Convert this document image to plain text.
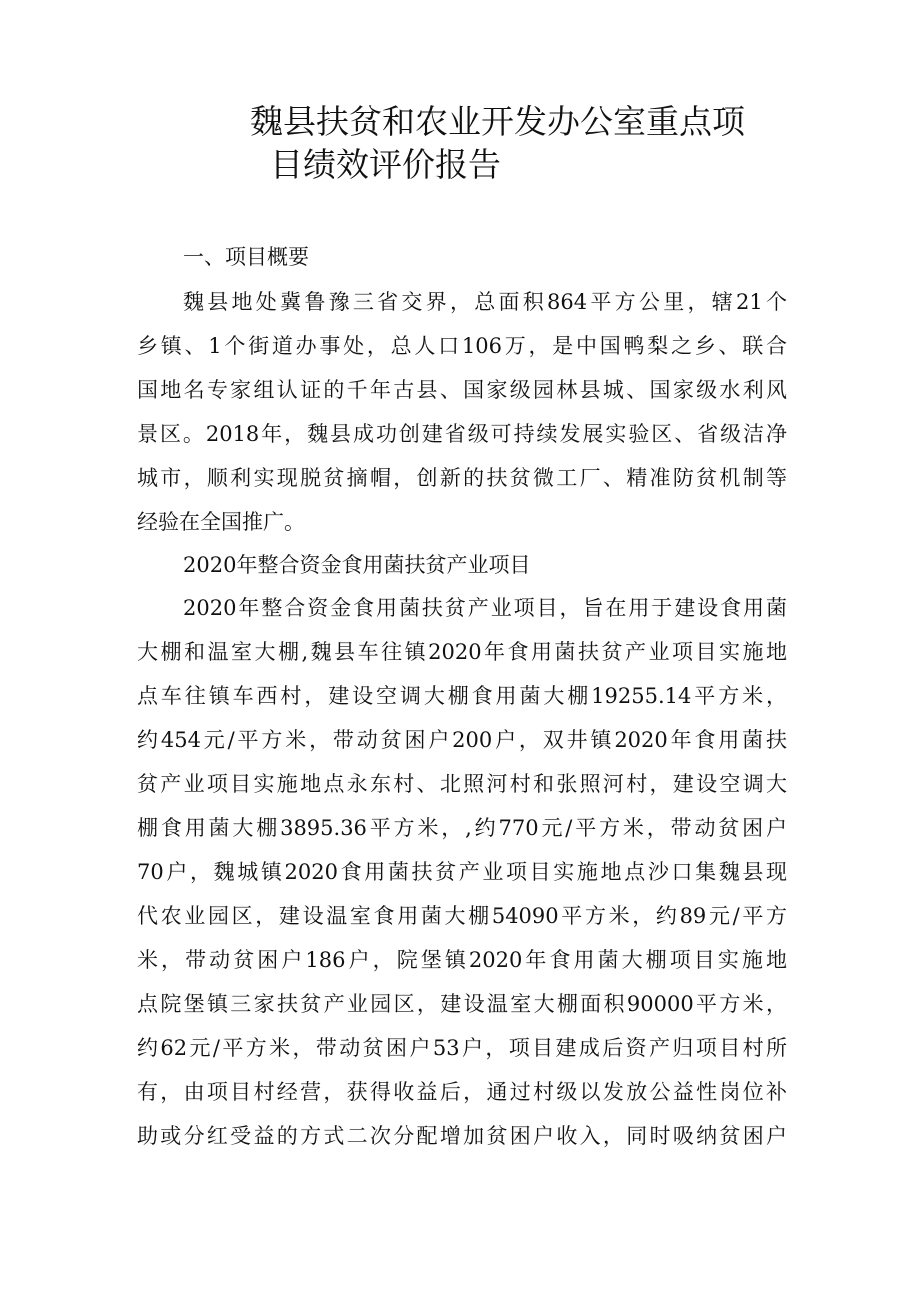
魏县扶贫和农业开发办公室重点项
目绩效评价报告

一、项目概要

魏县地处冀鲁豫三省交界，总面积864平方公里，辖21个

乡镇、1个街道办事处，总人口106万，是中国鸭梨之乡、联合

国地名专家组认证的千年古县、国家级园林县城、国家级水利风

景区。2018年，魏县成功创建省级可持续发展实验区、省级洁净

城市，顺利实现脱贫摘帽，创新的扶贫微工厂、精准防贫机制等

经验在全国推广。

2020年整合资金食用菌扶贫产业项目

2020年整合资金食用菌扶贫产业项目，旨在用于建设食用菌

大棚和温室大棚,魏县车往镇2020年食用菌扶贫产业项目实施地

点车往镇车西村，建设空调大棚食用菌大棚19255.14平方米，

约454元/平方米，带动贫困户200户，双井镇2020年食用菌扶

贫产业项目实施地点永东村、北照河村和张照河村，建设空调大

棚食用菌大棚3895.36平方米，,约770元/平方米，带动贫困户

70户，魏城镇2020食用菌扶贫产业项目实施地点沙口集魏县现

代农业园区，建设温室食用菌大棚54090平方米，约89元/平方

米，带动贫困户186户，院堡镇2020年食用菌大棚项目实施地

点院堡镇三家扶贫产业园区，建设温室大棚面积90000平方米，

约62元/平方米，带动贫困户53户，项目建成后资产归项目村所

有，由项目村经营，获得收益后，通过村级以发放公益性岗位补

助或分红受益的方式二次分配增加贫困户收入，同时吸纳贫困户
